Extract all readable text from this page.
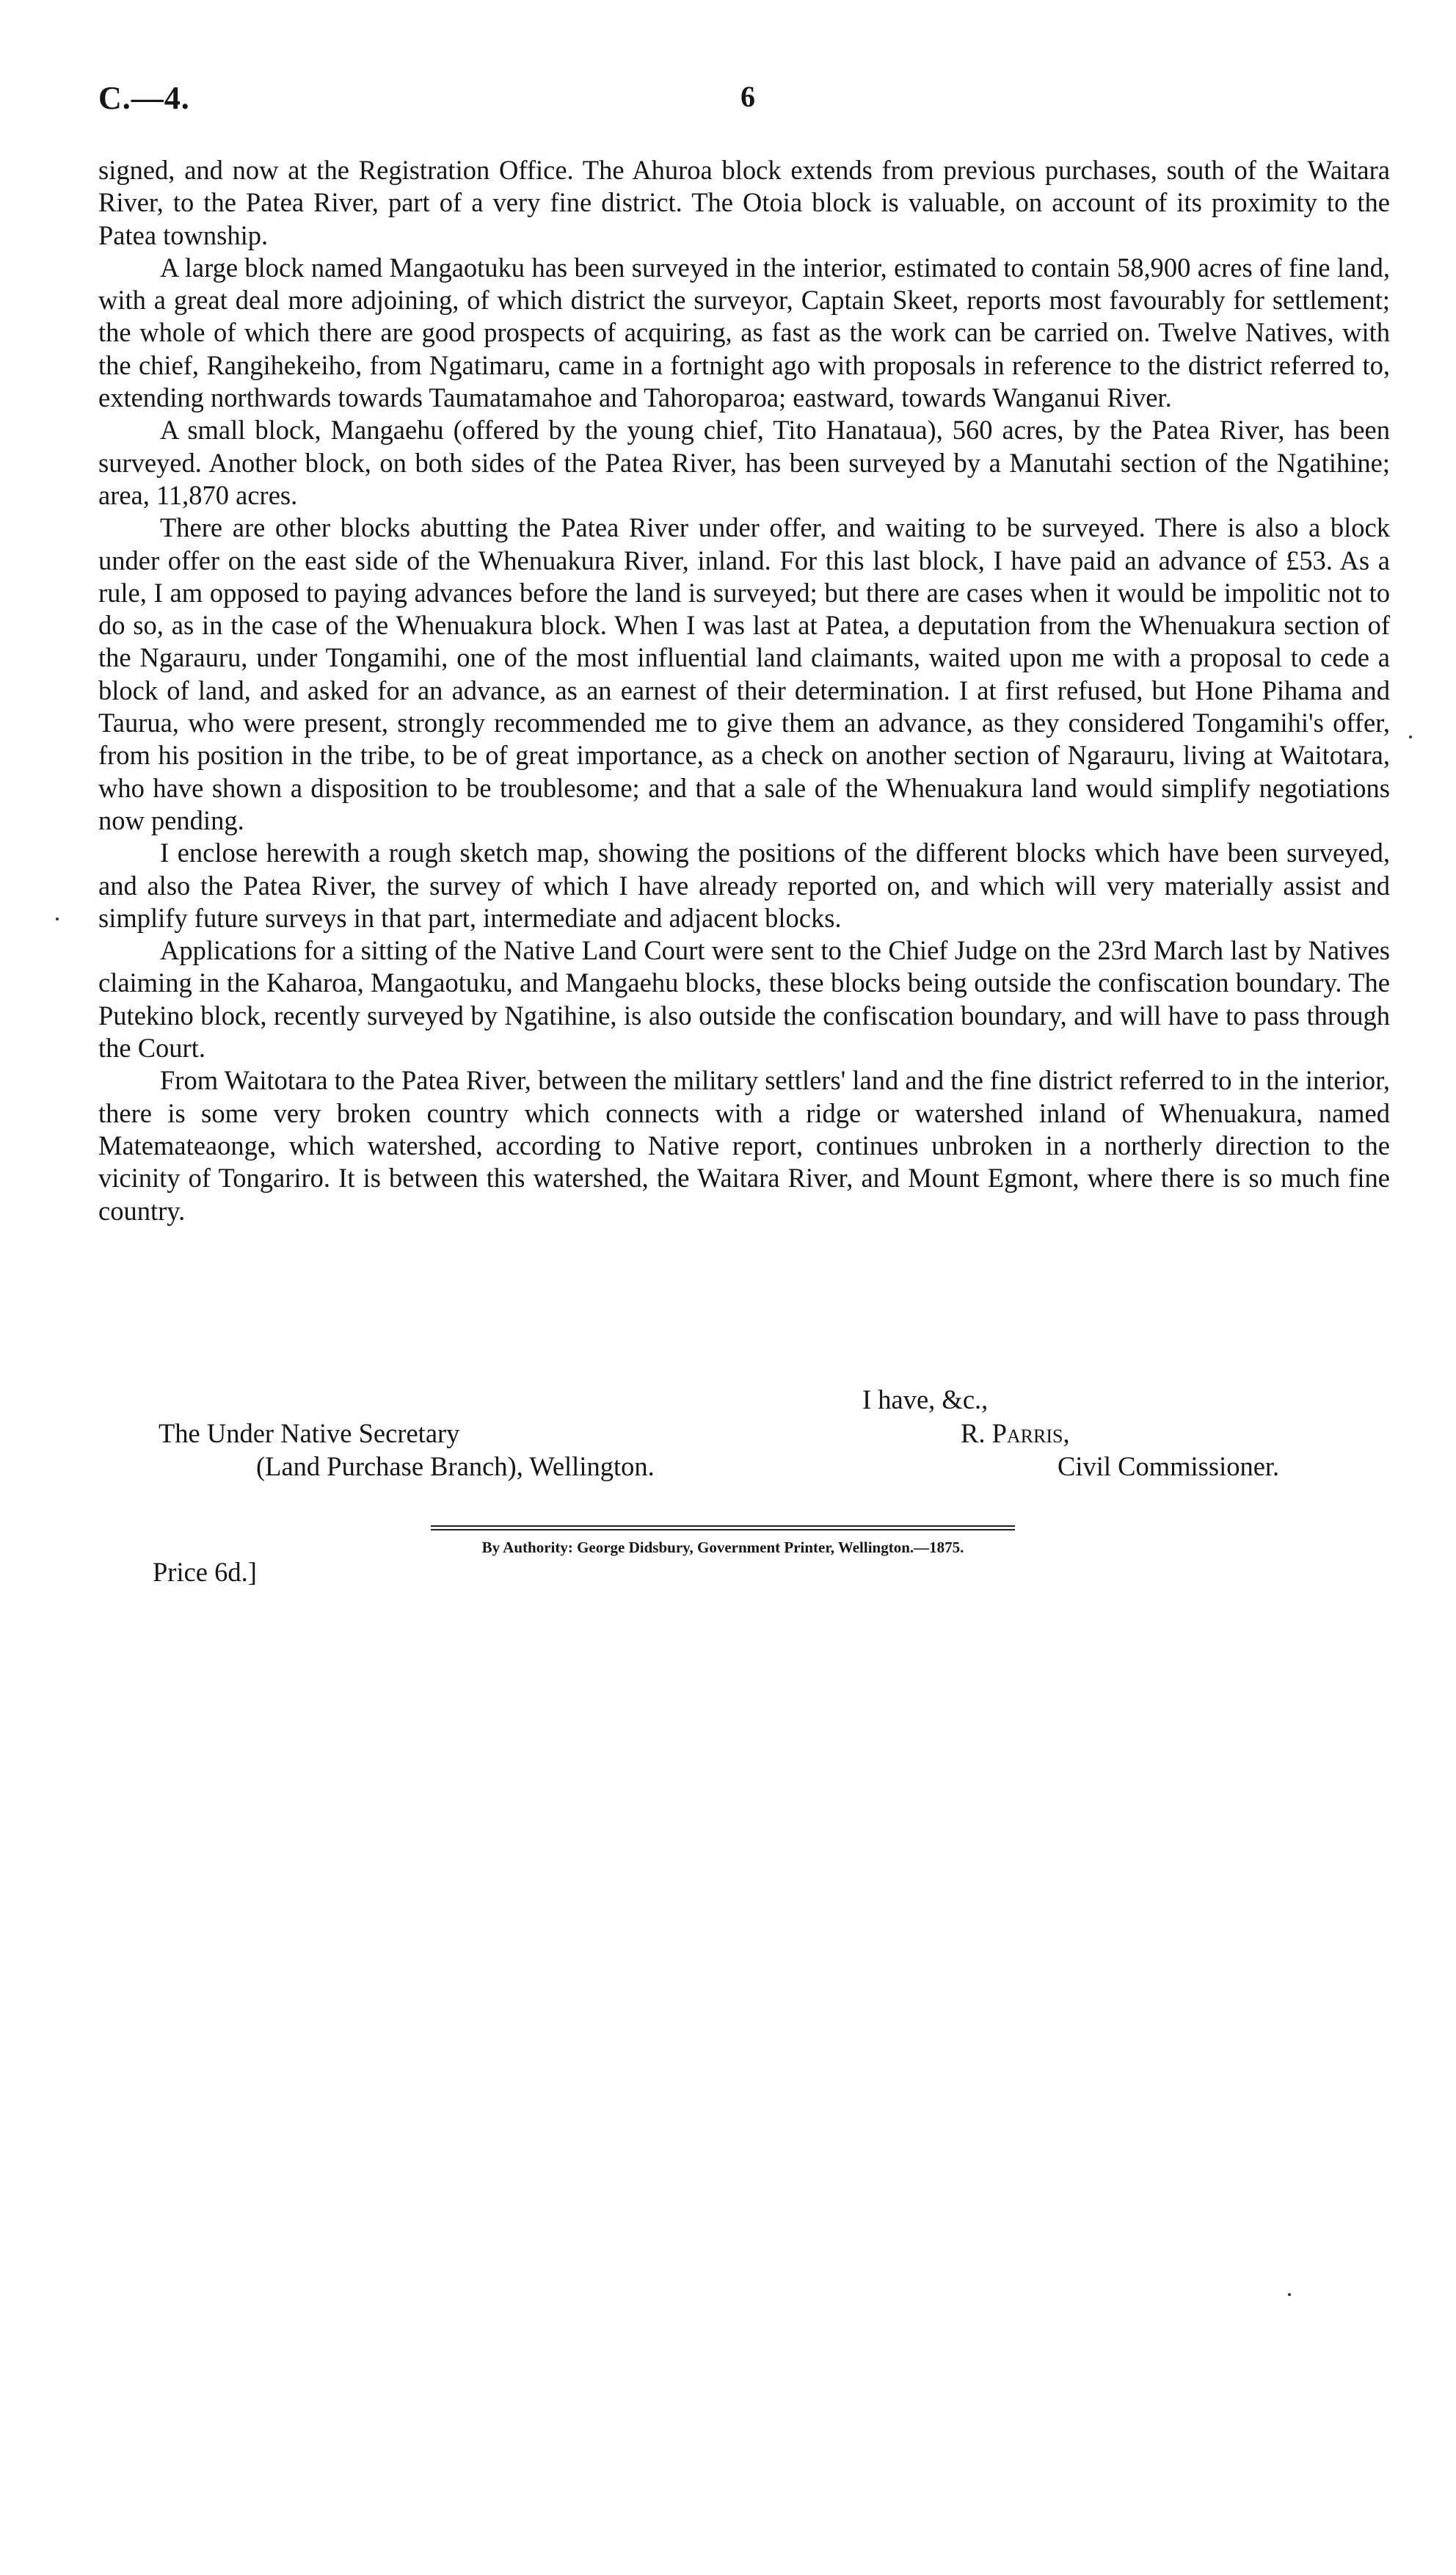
C.—4.	6

signed, and now at the Registration Office. The Ahuroa block extends from previous purchases, south of the Waitara River, to the Patea River, part of a very fine district. The Otoia block is valuable, on account of its proximity to the Patea township.

A large block named Mangaotuku has been surveyed in the interior, estimated to contain 58,900 acres of fine land, with a great deal more adjoining, of which district the surveyor, Captain Skeet, reports most favourably for settlement; the whole of which there are good prospects of acquiring, as fast as the work can be carried on. Twelve Natives, with the chief, Rangihekeiho, from Ngatimaru, came in a fortnight ago with proposals in reference to the district referred to, extending northwards towards Taumatamahoe and Tahoroparoa; eastward, towards Wanganui River.

A small block, Mangaehu (offered by the young chief, Tito Hanataua), 560 acres, by the Patea River, has been surveyed. Another block, on both sides of the Patea River, has been surveyed by a Manutahi section of the Ngatihine; area, 11,870 acres.

There are other blocks abutting the Patea River under offer, and waiting to be surveyed. There is also a block under offer on the east side of the Whenuakura River, inland. For this last block, I have paid an advance of £53. As a rule, I am opposed to paying advances before the land is surveyed; but there are cases when it would be impolitic not to do so, as in the case of the Whenuakura block. When I was last at Patea, a deputation from the Whenuakura section of the Ngarauru, under Tongamihi, one of the most influential land claimants, waited upon me with a proposal to cede a block of land, and asked for an advance, as an earnest of their determination. I at first refused, but Hone Pihama and Taurua, who were present, strongly recommended me to give them an advance, as they considered Tongamihi's offer, from his position in the tribe, to be of great importance, as a check on another section of Ngarauru, living at Waitotara, who have shown a disposition to be troublesome; and that a sale of the Whenuakura land would simplify negotiations now pending.

I enclose herewith a rough sketch map, showing the positions of the different blocks which have been surveyed, and also the Patea River, the survey of which I have already reported on, and which will very materially assist and simplify future surveys in that part, intermediate and adjacent blocks.

Applications for a sitting of the Native Land Court were sent to the Chief Judge on the 23rd March last by Natives claiming in the Kaharoa, Mangaotuku, and Mangaehu blocks, these blocks being outside the confiscation boundary. The Putekino block, recently surveyed by Ngatihine, is also outside the confiscation boundary, and will have to pass through the Court.

From Waitotara to the Patea River, between the military settlers' land and the fine district referred to in the interior, there is some very broken country which connects with a ridge or watershed inland of Whenuakura, named Matemateaonge, which watershed, according to Native report, continues unbroken in a northerly direction to the vicinity of Tongariro. It is between this watershed, the Waitara River, and Mount Egmont, where there is so much fine country.

I have, &c.,
The Under Native Secretary
(Land Purchase Branch), Wellington.
R. Parris,
Civil Commissioner.
By Authority: George Didsbury, Government Printer, Wellington.—1875.
Price 6d.]
